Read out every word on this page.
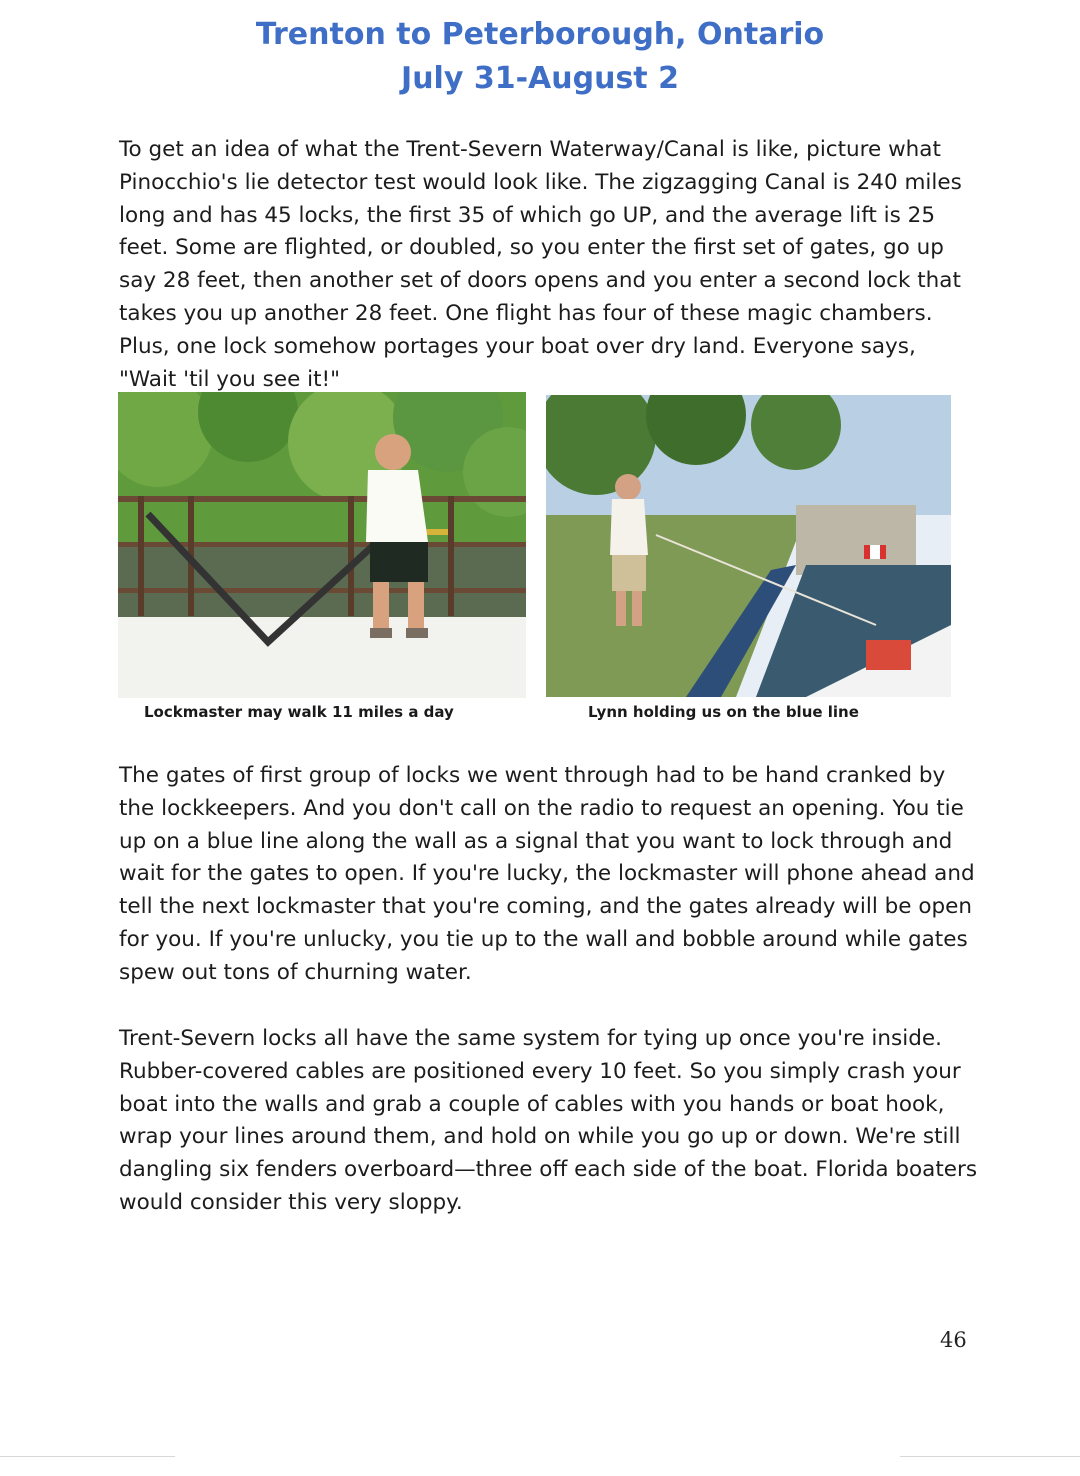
Trenton to Peterborough, Ontario
July 31-August 2

To get an idea of what the Trent-Severn Waterway/Canal is like, picture what Pinocchio's lie detector test would look like. The zigzagging Canal is 240 miles long and has 45 locks, the first 35 of which go UP, and the average lift is 25 feet. Some are flighted, or doubled, so you enter the first set of gates, go up say 28 feet, then another set of doors opens and you enter a second lock that takes you up another 28 feet. One flight has four of these magic chambers. Plus, one lock somehow portages your boat over dry land. Everyone says, "Wait 'til you see it!"

Lockmaster may walk 11 miles a day	Lynn holding us on the blue line

The gates of first group of locks we went through had to be hand cranked by the lockkeepers. And you don't call on the radio to request an opening. You tie up on a blue line along the wall as a signal that you want to lock through and wait for the gates to open. If you're lucky, the lockmaster will phone ahead and tell the next lockmaster that you're coming, and the gates already will be open for you. If you're unlucky, you tie up to the wall and bobble around while gates spew out tons of churning water.

Trent-Severn locks all have the same system for tying up once you're inside. Rubber-covered cables are positioned every 10 feet. So you simply crash your boat into the walls and grab a couple of cables with you hands or boat hook, wrap your lines around them, and hold on while you go up or down. We're still dangling six fenders overboard—three off each side of the boat. Florida boaters would consider this very sloppy.

46
